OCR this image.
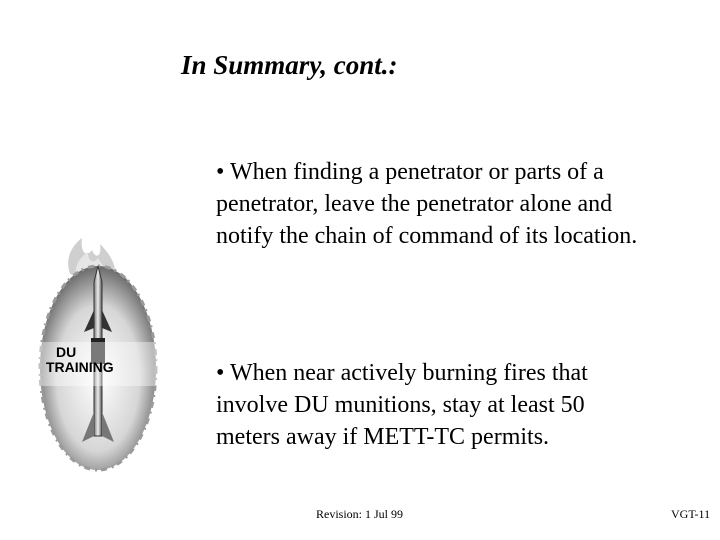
In Summary, cont.:
• When finding a penetrator or parts of a penetrator, leave the penetrator alone and notify the chain of command of its location.
• When near actively burning fires that involve DU munitions, stay at least 50 meters away if METT-TC permits.
DU
TRAINING
Revision: 1 Jul 99	VGT-11
